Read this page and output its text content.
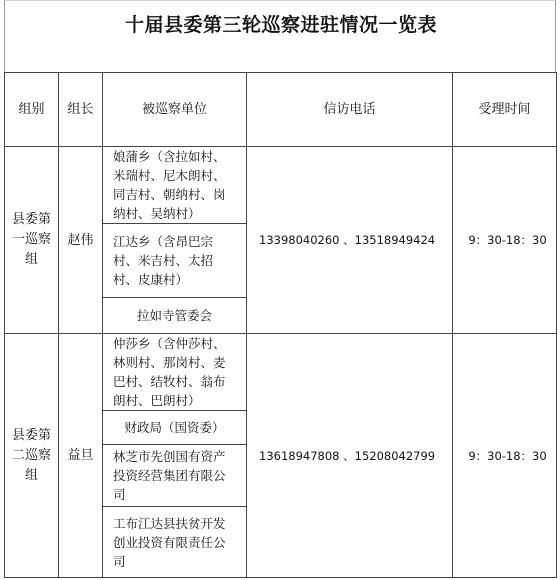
十届县委第三轮巡察进驻情况一览表
组别	组长	被巡察单位	信访电话	受理时间

县委第一巡察组	赵伟	娘蒲乡（含拉如村、米瑞村、尼木朗村、同吉村、朝纳村、岗纳村、吴纳村）	13398040260 、13518949424	9：30-18：30

		江达乡（含昂巴宗村、米吉村、太招村、皮康村）		

		拉如寺管委会		

县委第二巡察组	益旦	仲莎乡（含仲莎村、林则村、那岗村、麦巴村、结牧村、翁布朗村、巴朗村）	13618947808 、15208042799	9：30-18：30

		财政局（国资委）		

		林芝市先创国有资产投资经营集团有限公司		

		工布江达县扶贫开发创业投资有限责任公司		
